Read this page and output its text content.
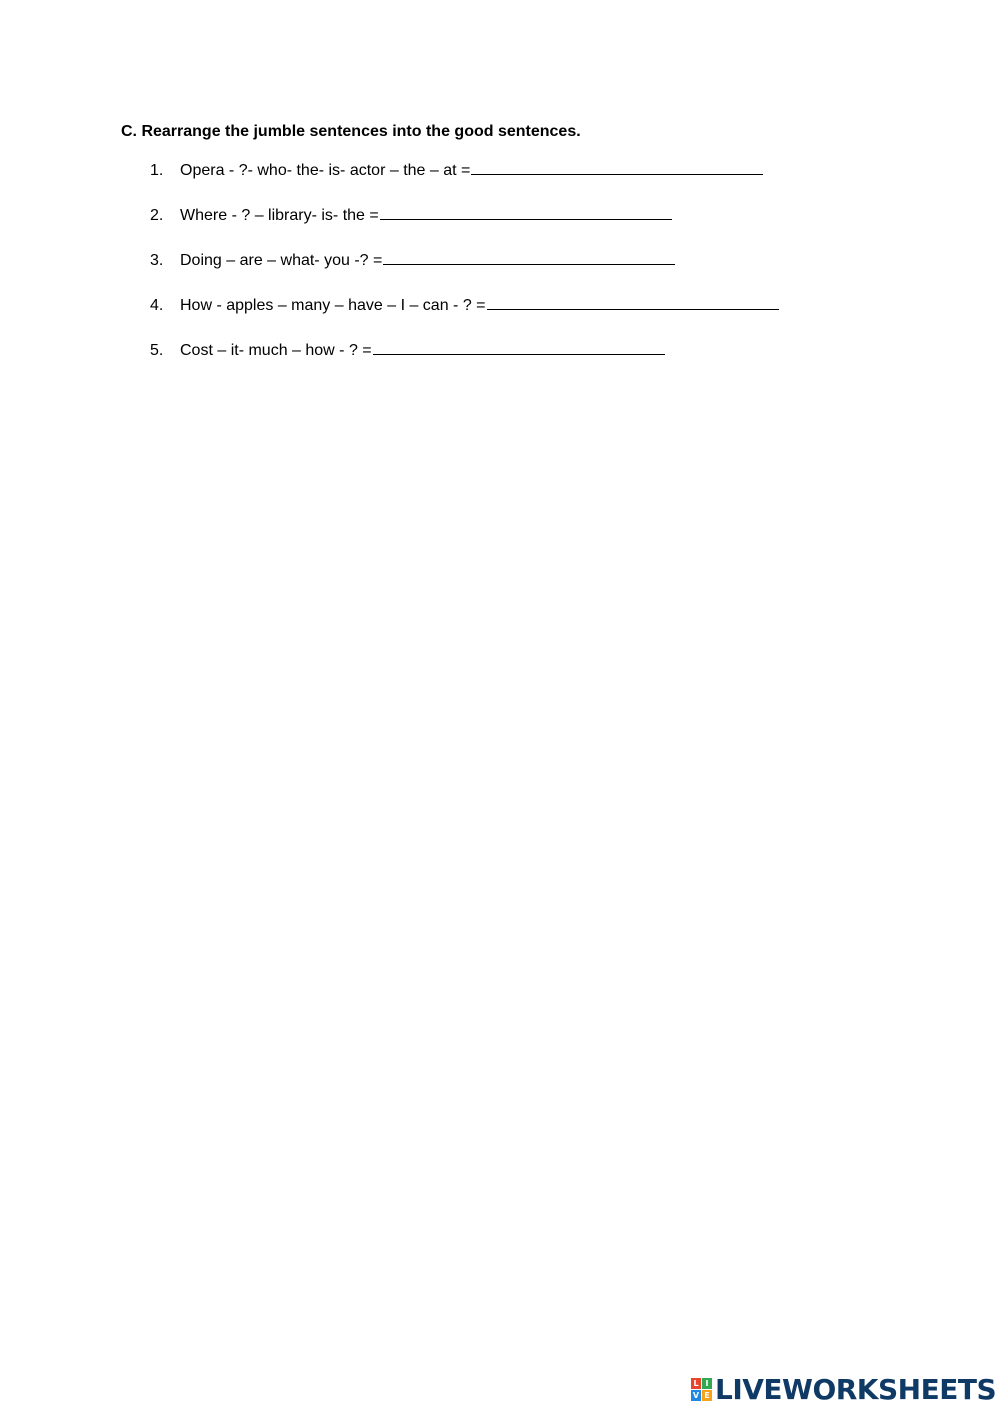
C. Rearrange the jumble sentences into the good sentences.
1.	Opera - ?- who- the- is- actor – the – at =
2.	Where - ? – library- is- the =
3.	Doing – are – what- you -? =
4.	How - apples – many – have – I – can - ? =
5.	Cost – it- much – how - ? =
L I
V E LIVEWORKSHEETS
